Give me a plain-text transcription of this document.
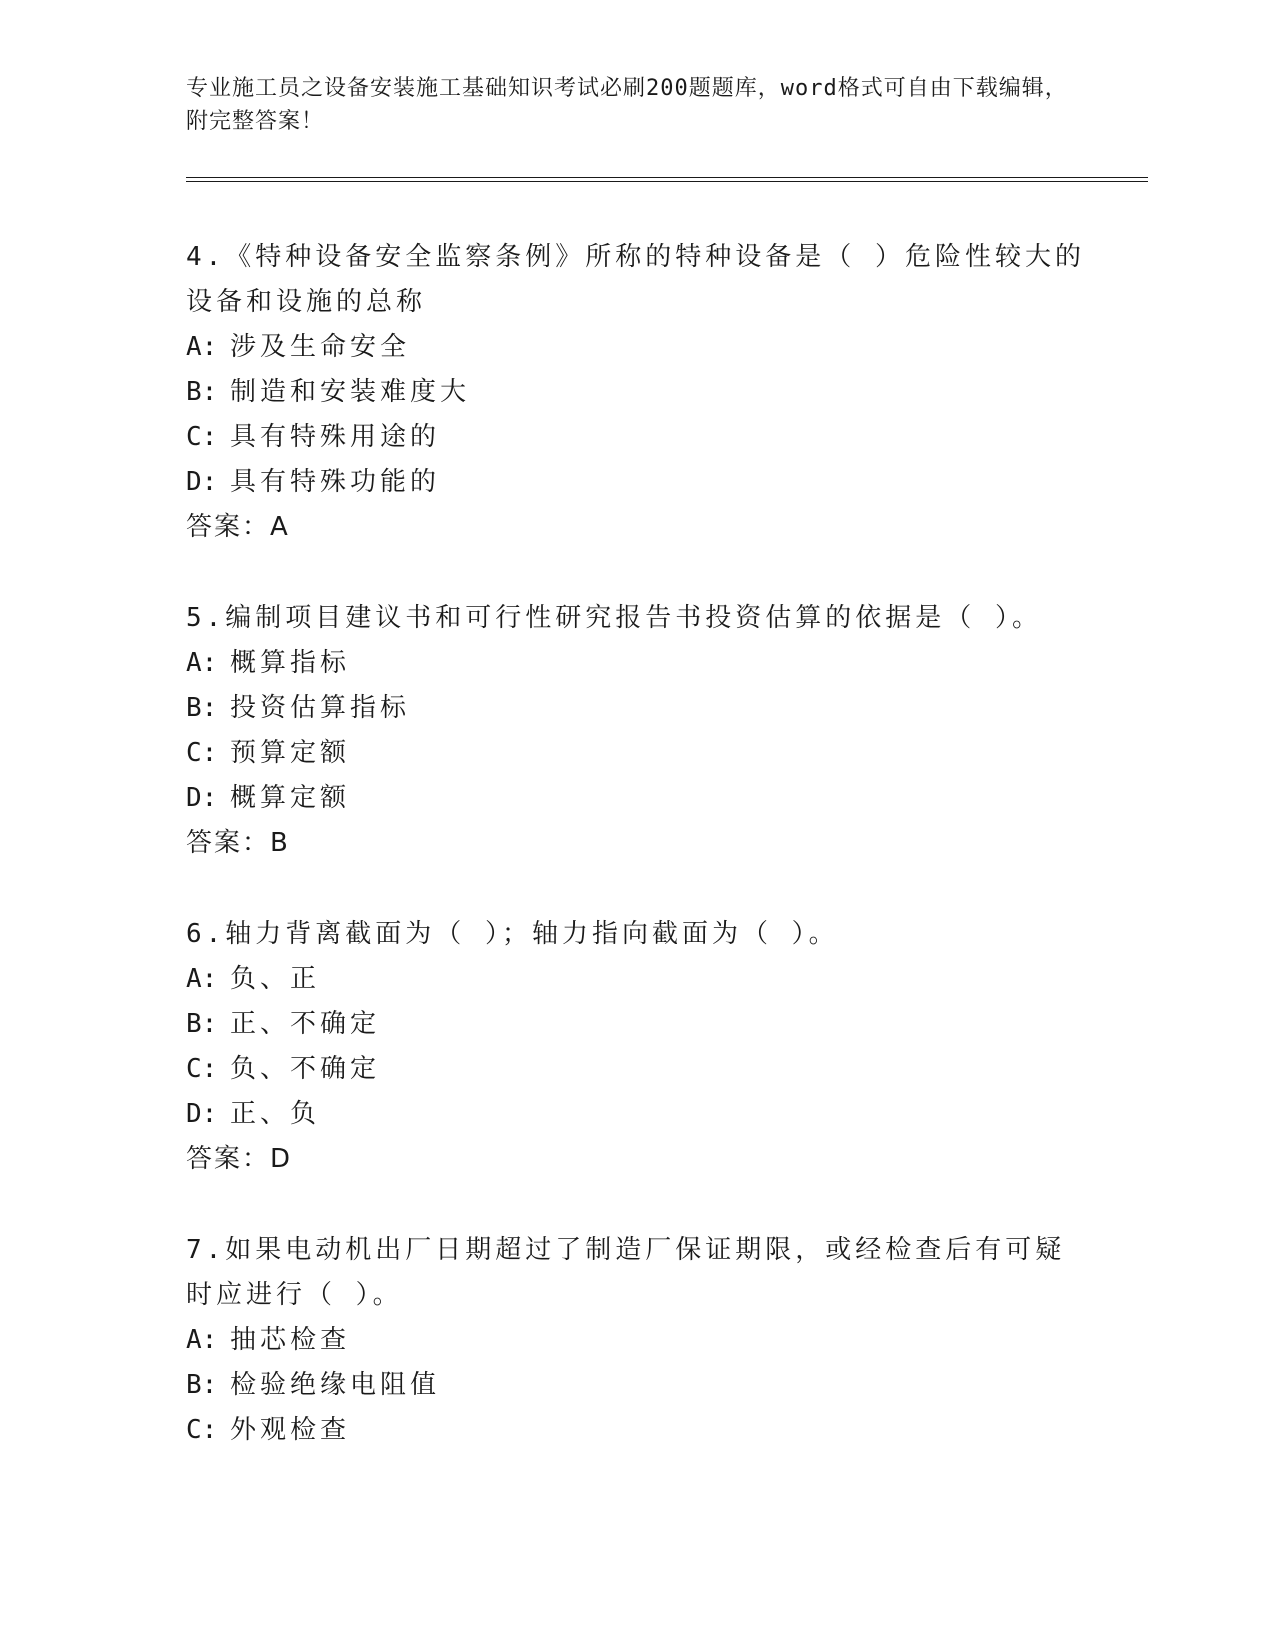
专业施工员之设备安装施工基础知识考试必刷200题题库，word格式可自由下载编辑，附完整答案！
4.《特种设备安全监察条例》所称的特种设备是（ ）危险性较大的设备和设施的总称
A: 涉及生命安全
B: 制造和安装难度大
C: 具有特殊用途的
D: 具有特殊功能的
答案：A
5.编制项目建议书和可行性研究报告书投资估算的依据是（ ）。
A: 概算指标
B: 投资估算指标
C: 预算定额
D: 概算定额
答案：B
6.轴力背离截面为（ ）；轴力指向截面为（ ）。
A: 负、正
B: 正、不确定
C: 负、不确定
D: 正、负
答案：D
7.如果电动机出厂日期超过了制造厂保证期限，或经检查后有可疑时应进行（ ）。
A: 抽芯检查
B: 检验绝缘电阻值
C: 外观检查
